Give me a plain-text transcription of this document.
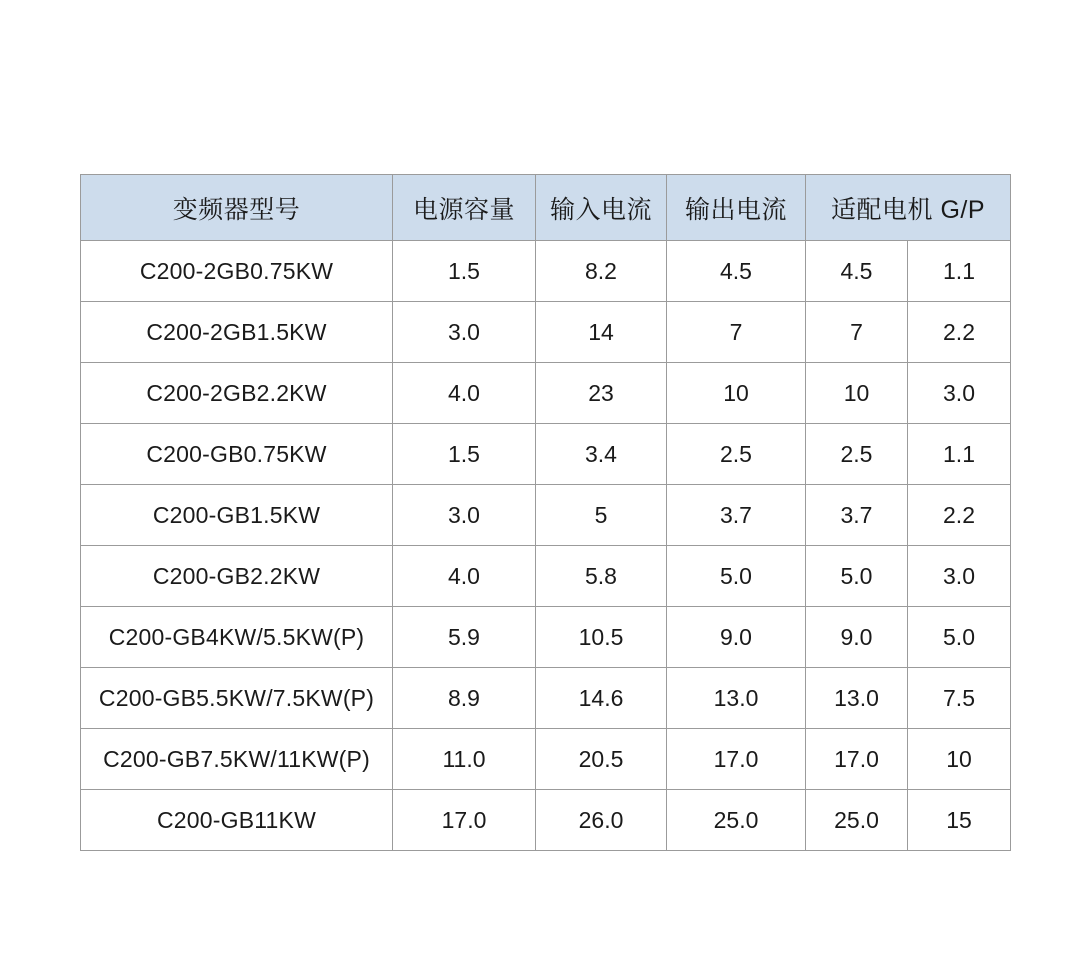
变频器型号	电源容量	输入电流	输出电流	适配电机 G/P	
C200-2GB0.75KW	1.5	8.2	4.5	4.5	1.1
C200-2GB1.5KW	3.0	14	7	7	2.2
C200-2GB2.2KW	4.0	23	10	10	3.0
C200-GB0.75KW	1.5	3.4	2.5	2.5	1.1
C200-GB1.5KW	3.0	5	3.7	3.7	2.2
C200-GB2.2KW	4.0	5.8	5.0	5.0	3.0
C200-GB4KW/5.5KW(P)	5.9	10.5	9.0	9.0	5.0
C200-GB5.5KW/7.5KW(P)	8.9	14.6	13.0	13.0	7.5
C200-GB7.5KW/11KW(P)	11.0	20.5	17.0	17.0	10
C200-GB11KW	17.0	26.0	25.0	25.0	15
